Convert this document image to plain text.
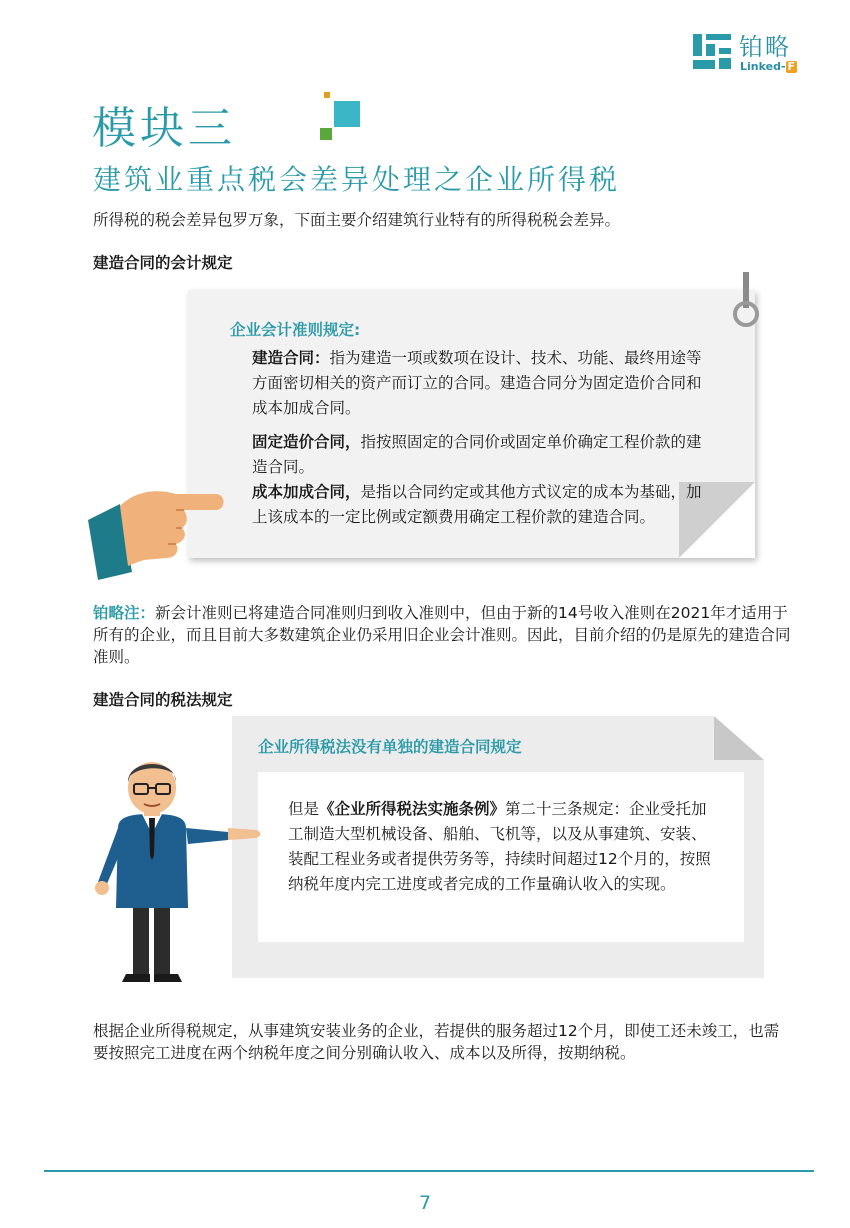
铂略
Linked- F
模块三
建筑业重点税会差异处理之企业所得税
所得税的税会差异包罗万象，下面主要介绍建筑行业特有的所得税税会差异。
建造合同的会计规定
企业会计准则规定:

建造合同：指为建造一项或数项在设计、技术、功能、最终用途等方面密切相关的资产而订立的合同。建造合同分为固定造价合同和成本加成合同。

固定造价合同，指按照固定的合同价或固定单价确定工程价款的建造合同。

成本加成合同，是指以合同约定或其他方式议定的成本为基础，加上该成本的一定比例或定额费用确定工程价款的建造合同。

铂略注：新会计准则已将建造合同准则归到收入准则中，但由于新的14号收入准则在2021年才适用于所有的企业，而且目前大多数建筑企业仍采用旧企业会计准则。因此，目前介绍的仍是原先的建造合同准则。
建造合同的税法规定
企业所得税法没有单独的建造合同规定
但是《企业所得税法实施条例》第二十三条规定：企业受托加工制造大型机械设备、船舶、飞机等，以及从事建筑、安装、装配工程业务或者提供劳务等，持续时间超过12个月的，按照纳税年度内完工进度或者完成的工作量确认收入的实现。
根据企业所得税规定，从事建筑安装业务的企业，若提供的服务超过12个月，即使工还未竣工，也需要按照完工进度在两个纳税年度之间分别确认收入、成本以及所得，按期纳税。
7
